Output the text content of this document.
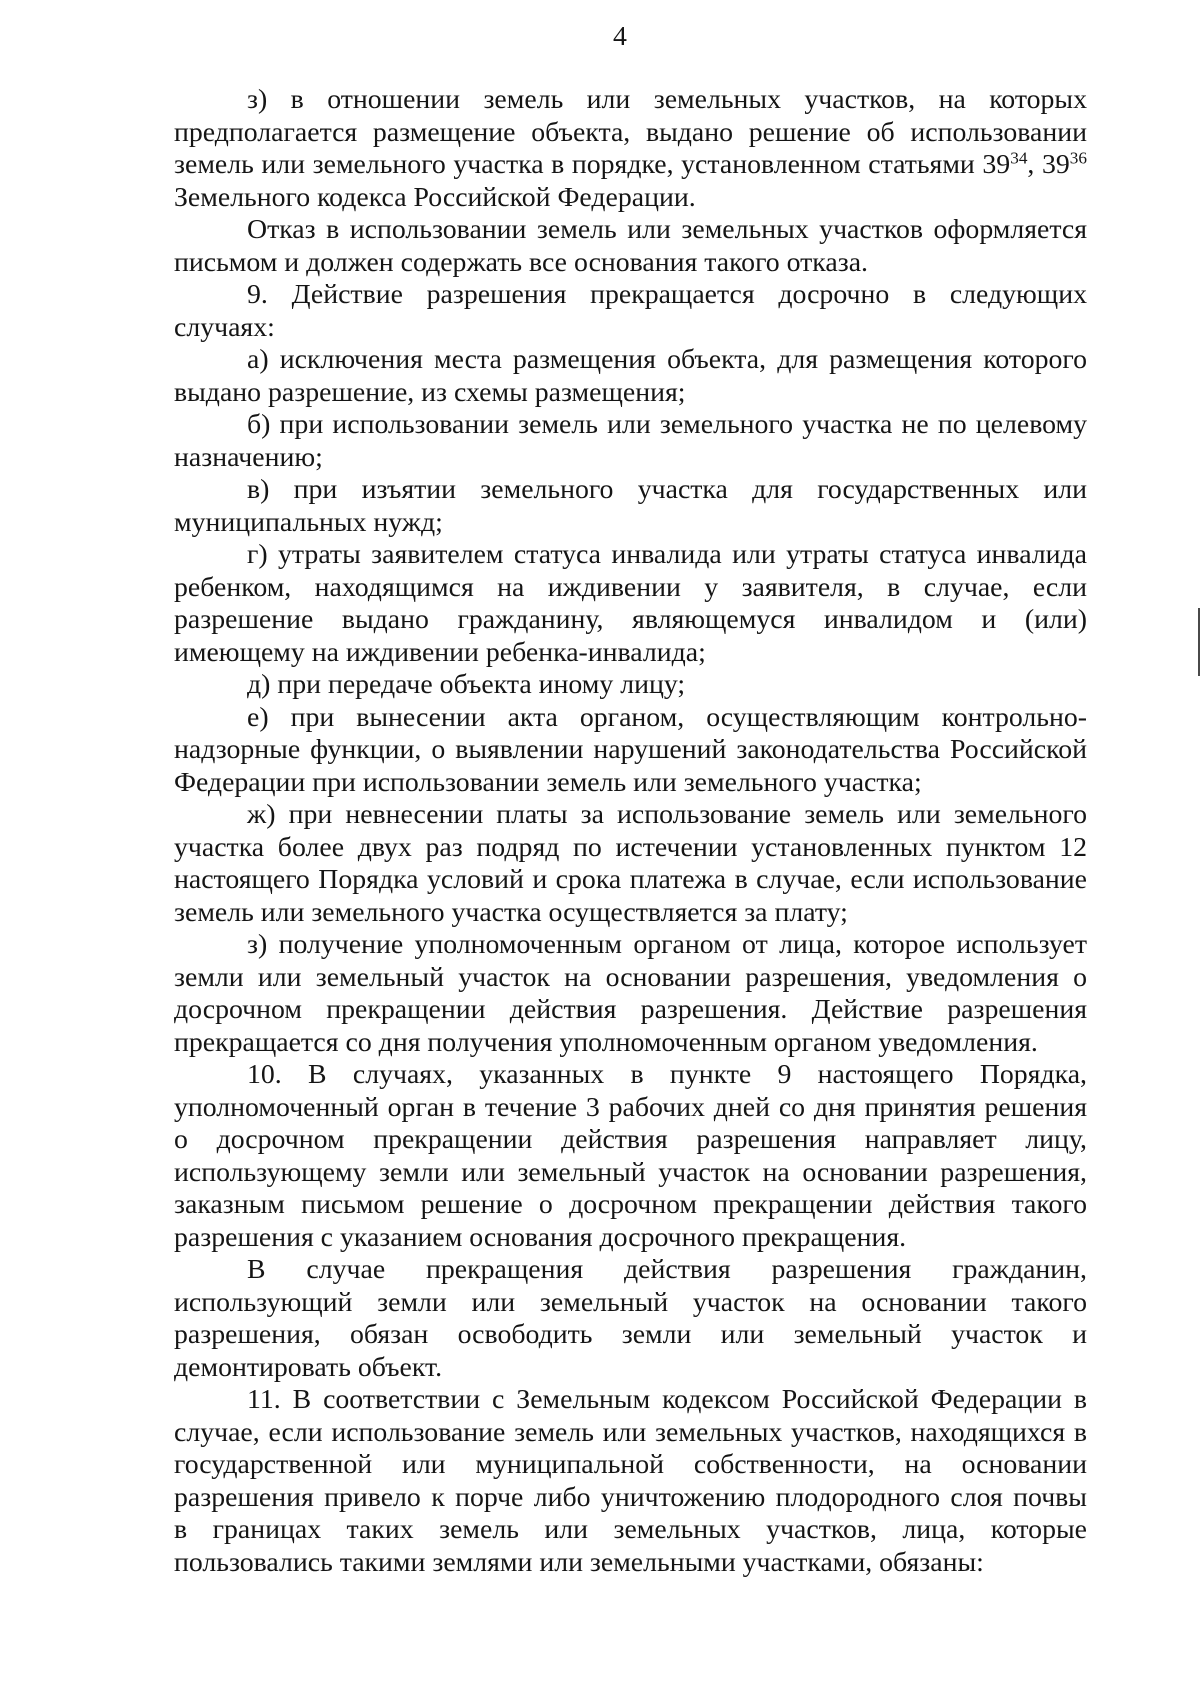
4
з) в отношении земель или земельных участков, на которых
предполагается размещение объекта, выдано решение об использовании
земель или земельного участка в порядке, установленном статьями $39^{34}$, $39^{36}$
Земельного кодекса Российской Федерации.
Отказ в использовании земель или земельных участков оформляется
письмом и должен содержать все основания такого отказа.
9. Действие разрешения прекращается досрочно в следующих
случаях:
а) исключения места размещения объекта, для размещения которого
выдано разрешение, из схемы размещения;
б) при использовании земель или земельного участка не по целевому
назначению;
в) при изъятии земельного участка для государственных или
муниципальных нужд;
г) утраты заявителем статуса инвалида или утраты статуса инвалида
ребенком, находящимся на иждивении у заявителя, в случае, если
разрешение выдано гражданину, являющемуся инвалидом и (или)
имеющему на иждивении ребенка-инвалида;
д) при передаче объекта иному лицу;
е) при вынесении акта органом, осуществляющим контрольно-
надзорные функции, о выявлении нарушений законодательства Российской
Федерации при использовании земель или земельного участка;
ж) при невнесении платы за использование земель или земельного
участка более двух раз подряд по истечении установленных пунктом 12
настоящего Порядка условий и срока платежа в случае, если использование
земель или земельного участка осуществляется за плату;
з) получение уполномоченным органом от лица, которое использует
земли или земельный участок на основании разрешения, уведомления о
досрочном прекращении действия разрешения. Действие разрешения
прекращается со дня получения уполномоченным органом уведомления.
10. В случаях, указанных в пункте 9 настоящего Порядка,
уполномоченный орган в течение 3 рабочих дней со дня принятия решения
о досрочном прекращении действия разрешения направляет лицу,
использующему земли или земельный участок на основании разрешения,
заказным письмом решение о досрочном прекращении действия такого
разрешения с указанием основания досрочного прекращения.
В случае прекращения действия разрешения гражданин,
использующий земли или земельный участок на основании такого
разрешения, обязан освободить земли или земельный участок и
демонтировать объект.
11. В соответствии с Земельным кодексом Российской Федерации в
случае, если использование земель или земельных участков, находящихся в
государственной или муниципальной собственности, на основании
разрешения привело к порче либо уничтожению плодородного слоя почвы
в границах таких земель или земельных участков, лица, которые
пользовались такими землями или земельными участками, обязаны:
